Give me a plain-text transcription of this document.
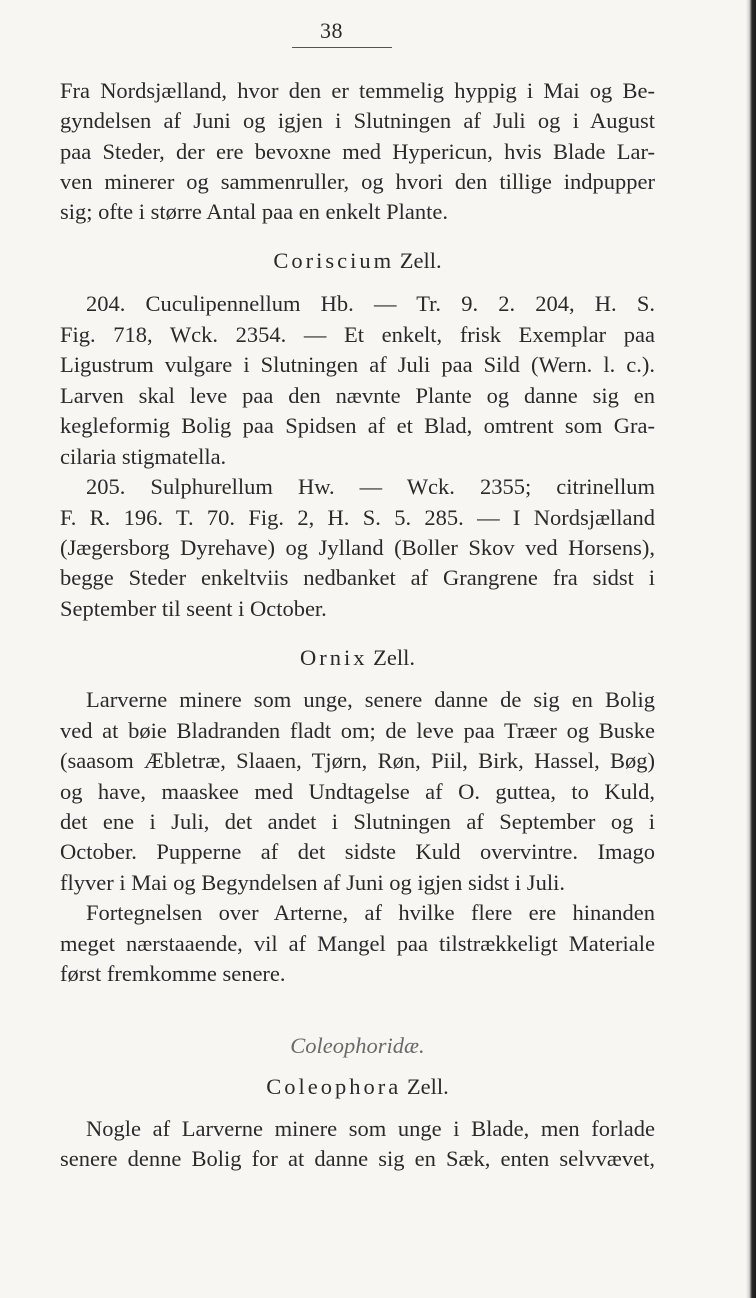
38
Fra Nordsjælland, hvor den er temmelig hyppig i Mai og Be-
gyndelsen af Juni og igjen i Slutningen af Juli og i August
paa Steder, der ere bevoxne med Hypericun, hvis Blade Lar-
ven minerer og sammenruller, og hvori den tillige indpupper
sig; ofte i større Antal paa en enkelt Plante.
Coriscium Zell.
204. Cuculipennellum Hb. — Tr. 9. 2. 204, H. S.
Fig. 718, Wck. 2354. — Et enkelt, frisk Exemplar paa
Ligustrum vulgare i Slutningen af Juli paa Sild (Wern. l. c.).
Larven skal leve paa den nævnte Plante og danne sig en
kegleformig Bolig paa Spidsen af et Blad, omtrent som Gra-
cilaria stigmatella.
205. Sulphurellum Hw. — Wck. 2355; citrinellum
F. R. 196. T. 70. Fig. 2, H. S. 5. 285. — I Nordsjælland
(Jægersborg Dyrehave) og Jylland (Boller Skov ved Horsens),
begge Steder enkeltviis nedbanket af Grangrene fra sidst i
September til seent i October.
Ornix Zell.
Larverne minere som unge, senere danne de sig en Bolig
ved at bøie Bladranden fladt om; de leve paa Træer og Buske
(saasom Æbletræ, Slaaen, Tjørn, Røn, Piil, Birk, Hassel, Bøg)
og have, maaskee med Undtagelse af O. guttea, to Kuld,
det ene i Juli, det andet i Slutningen af September og i
October. Pupperne af det sidste Kuld overvintre. Imago
flyver i Mai og Begyndelsen af Juni og igjen sidst i Juli.
Fortegnelsen over Arterne, af hvilke flere ere hinanden
meget nærstaaende, vil af Mangel paa tilstrækkeligt Materiale
først fremkomme senere.
Coleophoridæ.
Coleophora Zell.
Nogle af Larverne minere som unge i Blade, men forlade
senere denne Bolig for at danne sig en Sæk, enten selvvævet,
